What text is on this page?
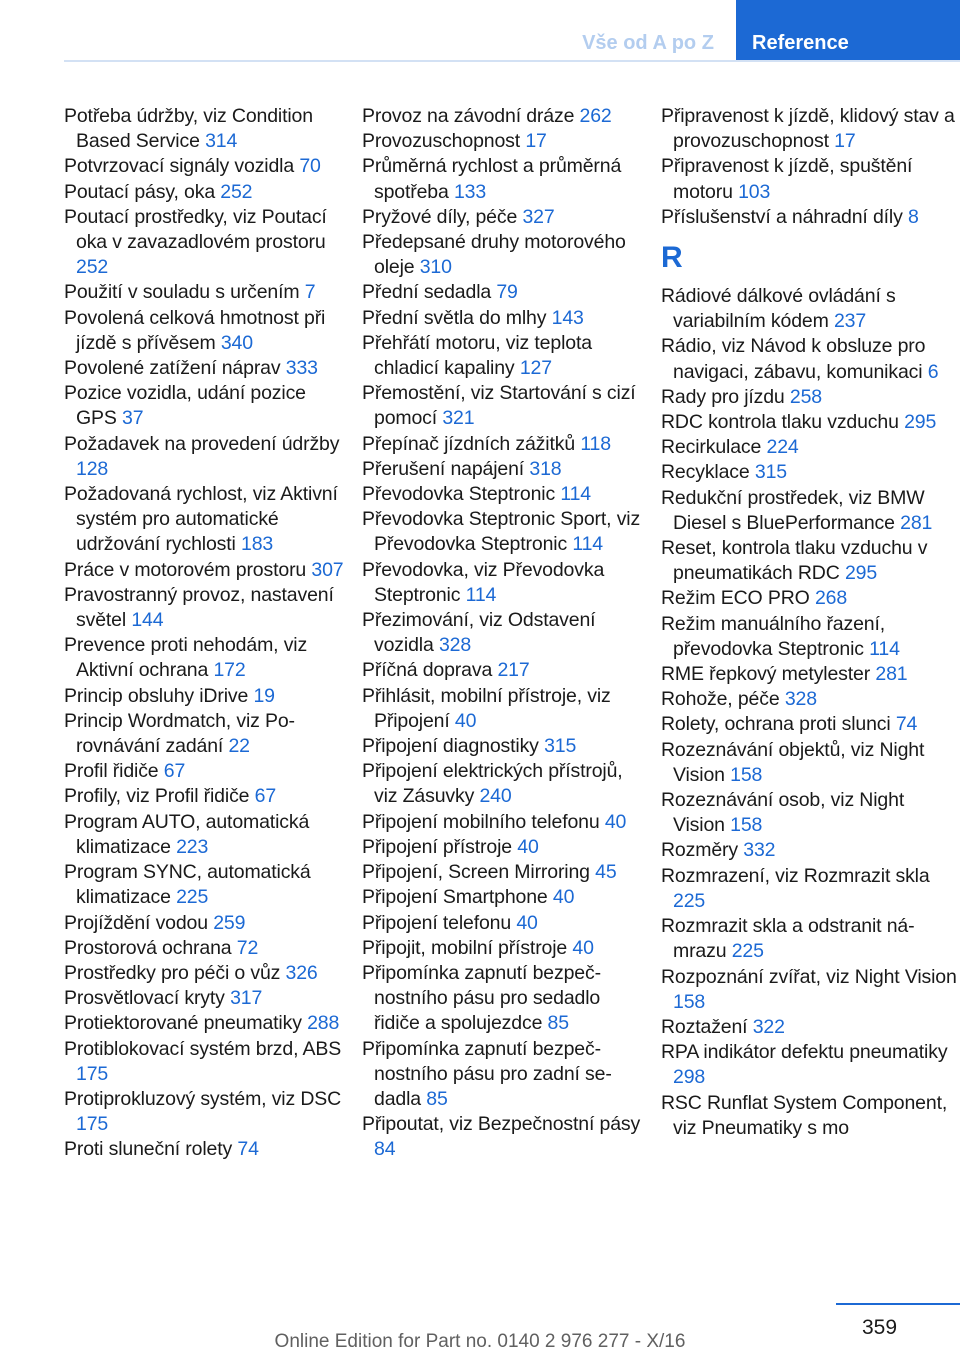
Vše od A po Z	Reference
Potřeba údržby, viz Condition Based Service 314
Potvrzovací signály vozidla 70
Poutací pásy, oka 252
Poutací prostředky, viz Poutací oka v zavazadlovém prostoru 252
Použití v souladu s určením 7
Povolená celková hmotnost při jízdě s přívěsem 340
Povolené zatížení náprav 333
Pozice vozidla, udání pozice GPS 37
Požadavek na provedení údržby 128
Požadovaná rychlost, viz Aktivní systém pro automatické udržování rychlosti 183
Práce v motorovém prostoru 307
Pravostranný provoz, nastavení světel 144
Prevence proti nehodám, viz Aktivní ochrana 172
Princip obsluhy iDrive 19
Princip Wordmatch, viz Porovnávání zadání 22
Profil řidiče 67
Profily, viz Profil řidiče 67
Program AUTO, automatická klimatizace 223
Program SYNC, automatická klimatizace 225
Projíždění vodou 259
Prostorová ochrana 72
Prostředky pro péči o vůz 326
Prosvětlovací kryty 317
Protiektorované pneumatiky 288
Protiblokovací systém brzd, ABS 175
Protiprokluzový systém, viz DSC 175
Proti sluneční rolety 74
Provoz na závodní dráze 262
Provozuschopnost 17
Průměrná rychlost a průměrná spotřeba 133
Pryžové díly, péče 327
Předepsané druhy motorového oleje 310
Přední sedadla 79
Přední světla do mlhy 143
Přehřátí motoru, viz teplota chladicí kapaliny 127
Přemostění, viz Startování s cizí pomocí 321
Přepínač jízdních zážitků 118
Přerušení napájení 318
Převodovka Steptronic 114
Převodovka Steptronic Sport, viz Převodovka Steptronic 114
Převodovka, viz Převodovka Steptronic 114
Přezimování, viz Odstavení vozidla 328
Příčná doprava 217
Přihlásit, mobilní přístroje, viz Připojení 40
Připojení diagnostiky 315
Připojení elektrických přístrojů, viz Zásuvky 240
Připojení mobilního telefonu 40
Připojení přístroje 40
Připojení, Screen Mirroring 45
Připojení Smartphone 40
Připojení telefonu 40
Připojit, mobilní přístroje 40
Připomínka zapnutí bezpečnostního pásu pro sedadlo řidiče a spolujezdce 85
Připomínka zapnutí bezpečnostního pásu pro zadní sedadla 85
Připoutat, viz Bezpečnostní pásy 84
Připravenost k jízdě, klidový stav a provozuschopnost 17
Připravenost k jízdě, spuštění motoru 103
Příslušenství a náhradní díly 8
R
Rádiové dálkové ovládání s variabilním kódem 237
Rádio, viz Návod k obsluze pro navigaci, zábavu, komunikaci 6
Rady pro jízdu 258
RDC kontrola tlaku vzduchu 295
Recirkulace 224
Recyklace 315
Redukční prostředek, viz BMW Diesel s BluePerformance 281
Reset, kontrola tlaku vzduchu v pneumatikách RDC 295
Režim ECO PRO 268
Režim manuálního řazení, převodovka Steptronic 114
RME řepkový metylester 281
Rohože, péče 328
Rolety, ochrana proti slunci 74
Rozeznávání objektů, viz Night Vision 158
Rozeznávání osob, viz Night Vision 158
Rozměry 332
Rozmrazení, viz Rozmrazit skla 225
Rozmrazit skla a odstranit námrazu 225
Rozpoznání zvířat, viz Night Vision 158
Roztažení 322
RPA indikátor defektu pneumatiky 298
RSC Runflat System Component, viz Pneumatiky s mo
359
Online Edition for Part no. 0140 2 976 277 - X/16
